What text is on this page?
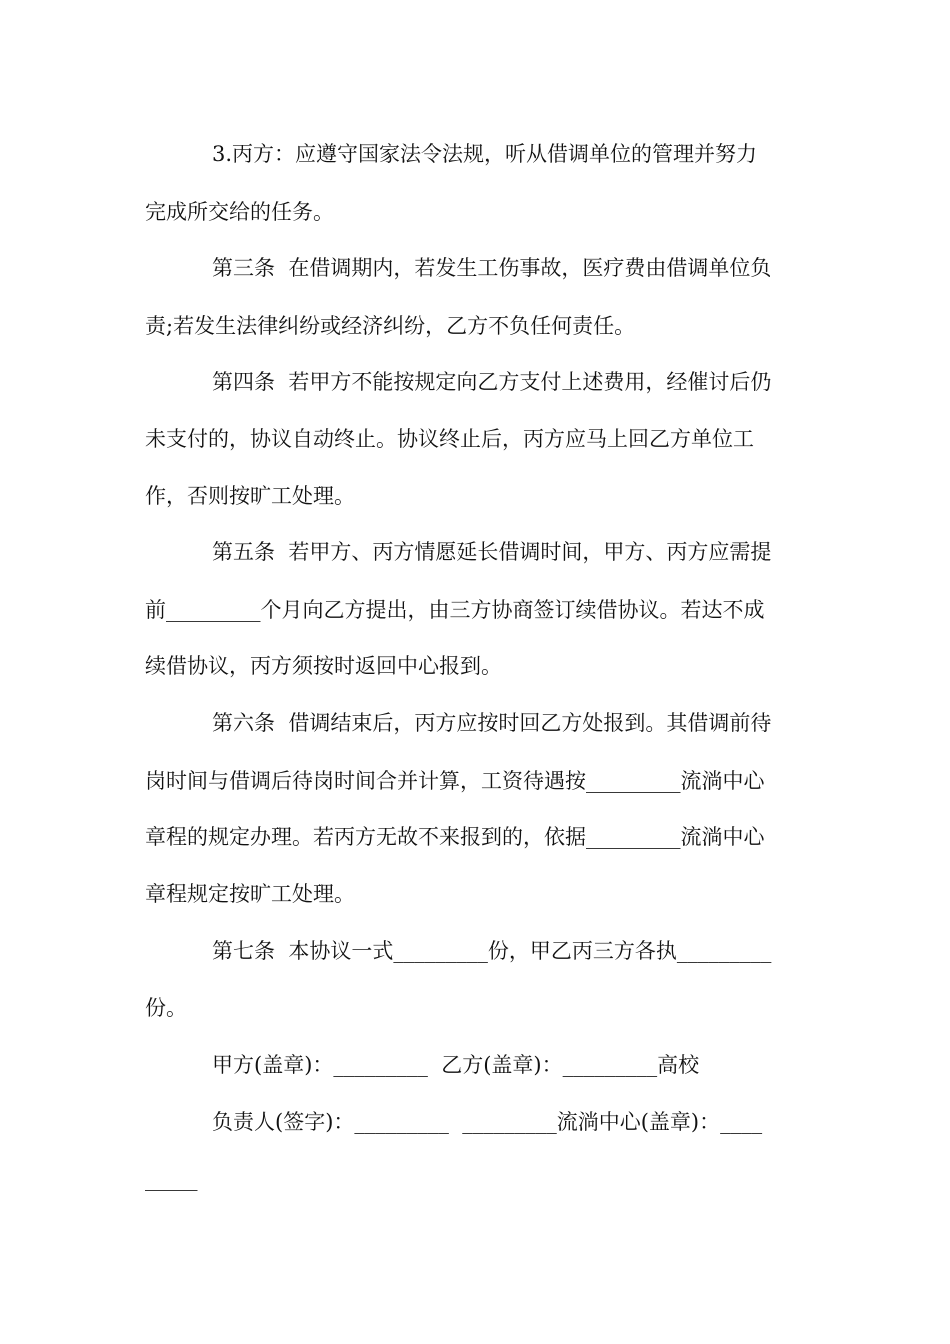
3.丙方：应遵守国家法令法规，听从借调单位的管理并努力
完成所交给的任务。
第三条  在借调期内，若发生工伤事故，医疗费由借调单位负
责;若发生法律纠纷或经济纠纷，乙方不负任何责任。
第四条  若甲方不能按规定向乙方支付上述费用，经催讨后仍
未支付的，协议自动终止。协议终止后，丙方应马上回乙方单位工
作，否则按旷工处理。
第五条  若甲方、丙方情愿延长借调时间，甲方、丙方应需提
前_________个月向乙方提出，由三方协商签订续借协议。若达不成
续借协议，丙方须按时返回中心报到。
第六条  借调结束后，丙方应按时回乙方处报到。其借调前待
岗时间与借调后待岗时间合并计算，工资待遇按_________流淌中心
章程的规定办理。若丙方无故不来报到的，依据_________流淌中心
章程规定按旷工处理。
第七条  本协议一式_________份，甲乙丙三方各执_________
份。
甲方(盖章)：_________  乙方(盖章)：_________高校
负责人(签字)：_________  _________流淌中心(盖章)：____
_____
